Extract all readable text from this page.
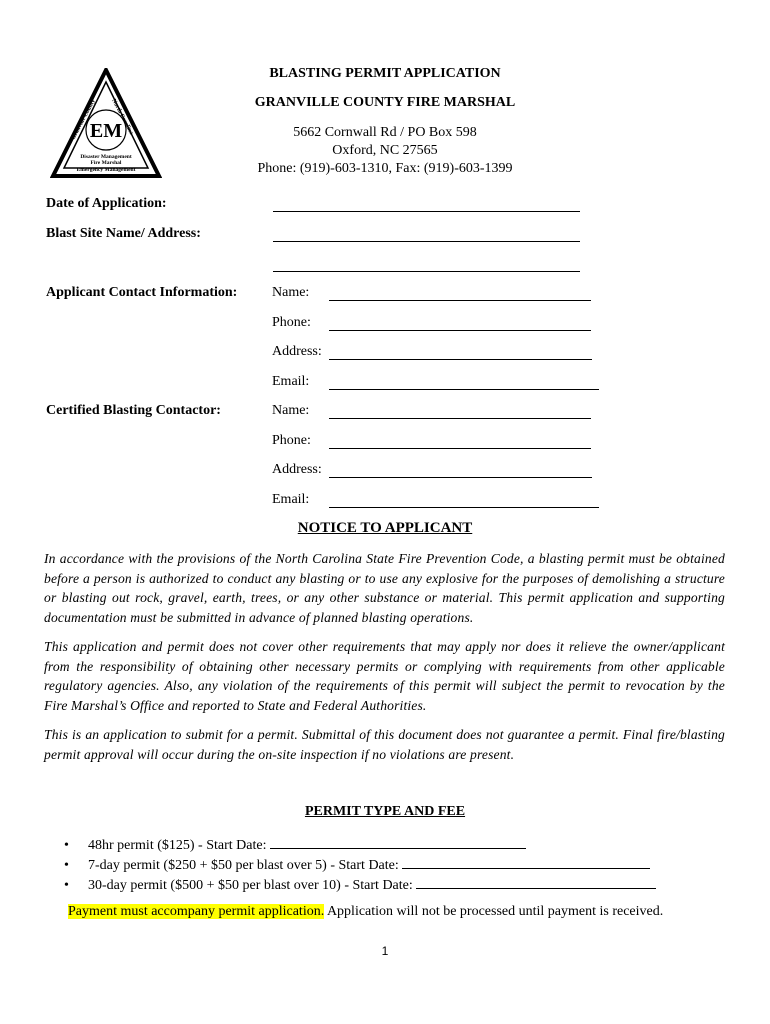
EM
Granville County North Carolina
Disaster Management
Fire Marshal
Emergency Management
BLASTING PERMIT APPLICATION
GRANVILLE COUNTY FIRE MARSHAL
5662 Cornwall Rd / PO Box 598
Oxford, NC 27565
Phone: (919)-603-1310, Fax: (919)-603-1399
Date of Application:
Blast Site Name/ Address:
Applicant Contact Information: Name:
Phone:
Address:
Email:
Certified Blasting Contactor:	Name:
Phone:
Address:
Email:
NOTICE TO APPLICANT
In accordance with the provisions of the North Carolina State Fire Prevention Code, a blasting permit must be obtained before a person is authorized to conduct any blasting or to use any explosive for the purposes of demolishing a structure or blasting out rock, gravel, earth, trees, or any other substance or material. This permit application and supporting documentation must be submitted in advance of planned blasting operations.
This application and permit does not cover other requirements that may apply nor does it relieve the owner/applicant from the responsibility of obtaining other necessary permits or complying with requirements from other applicable regulatory agencies. Also, any violation of the requirements of this permit will subject the permit to revocation by the Fire Marshal’s Office and reported to State and Federal Authorities.
This is an application to submit for a permit. Submittal of this document does not guarantee a permit. Final fire/blasting permit approval will occur during the on-site inspection if no violations are present.
PERMIT TYPE AND FEE
• 48hr permit ($125) - Start Date:
• 7-day permit ($250 + $50 per blast over 5) - Start Date:
• 30-day permit ($500 + $50 per blast over 10) - Start Date:
Payment must accompany permit application. Application will not be processed until payment is received.
1
